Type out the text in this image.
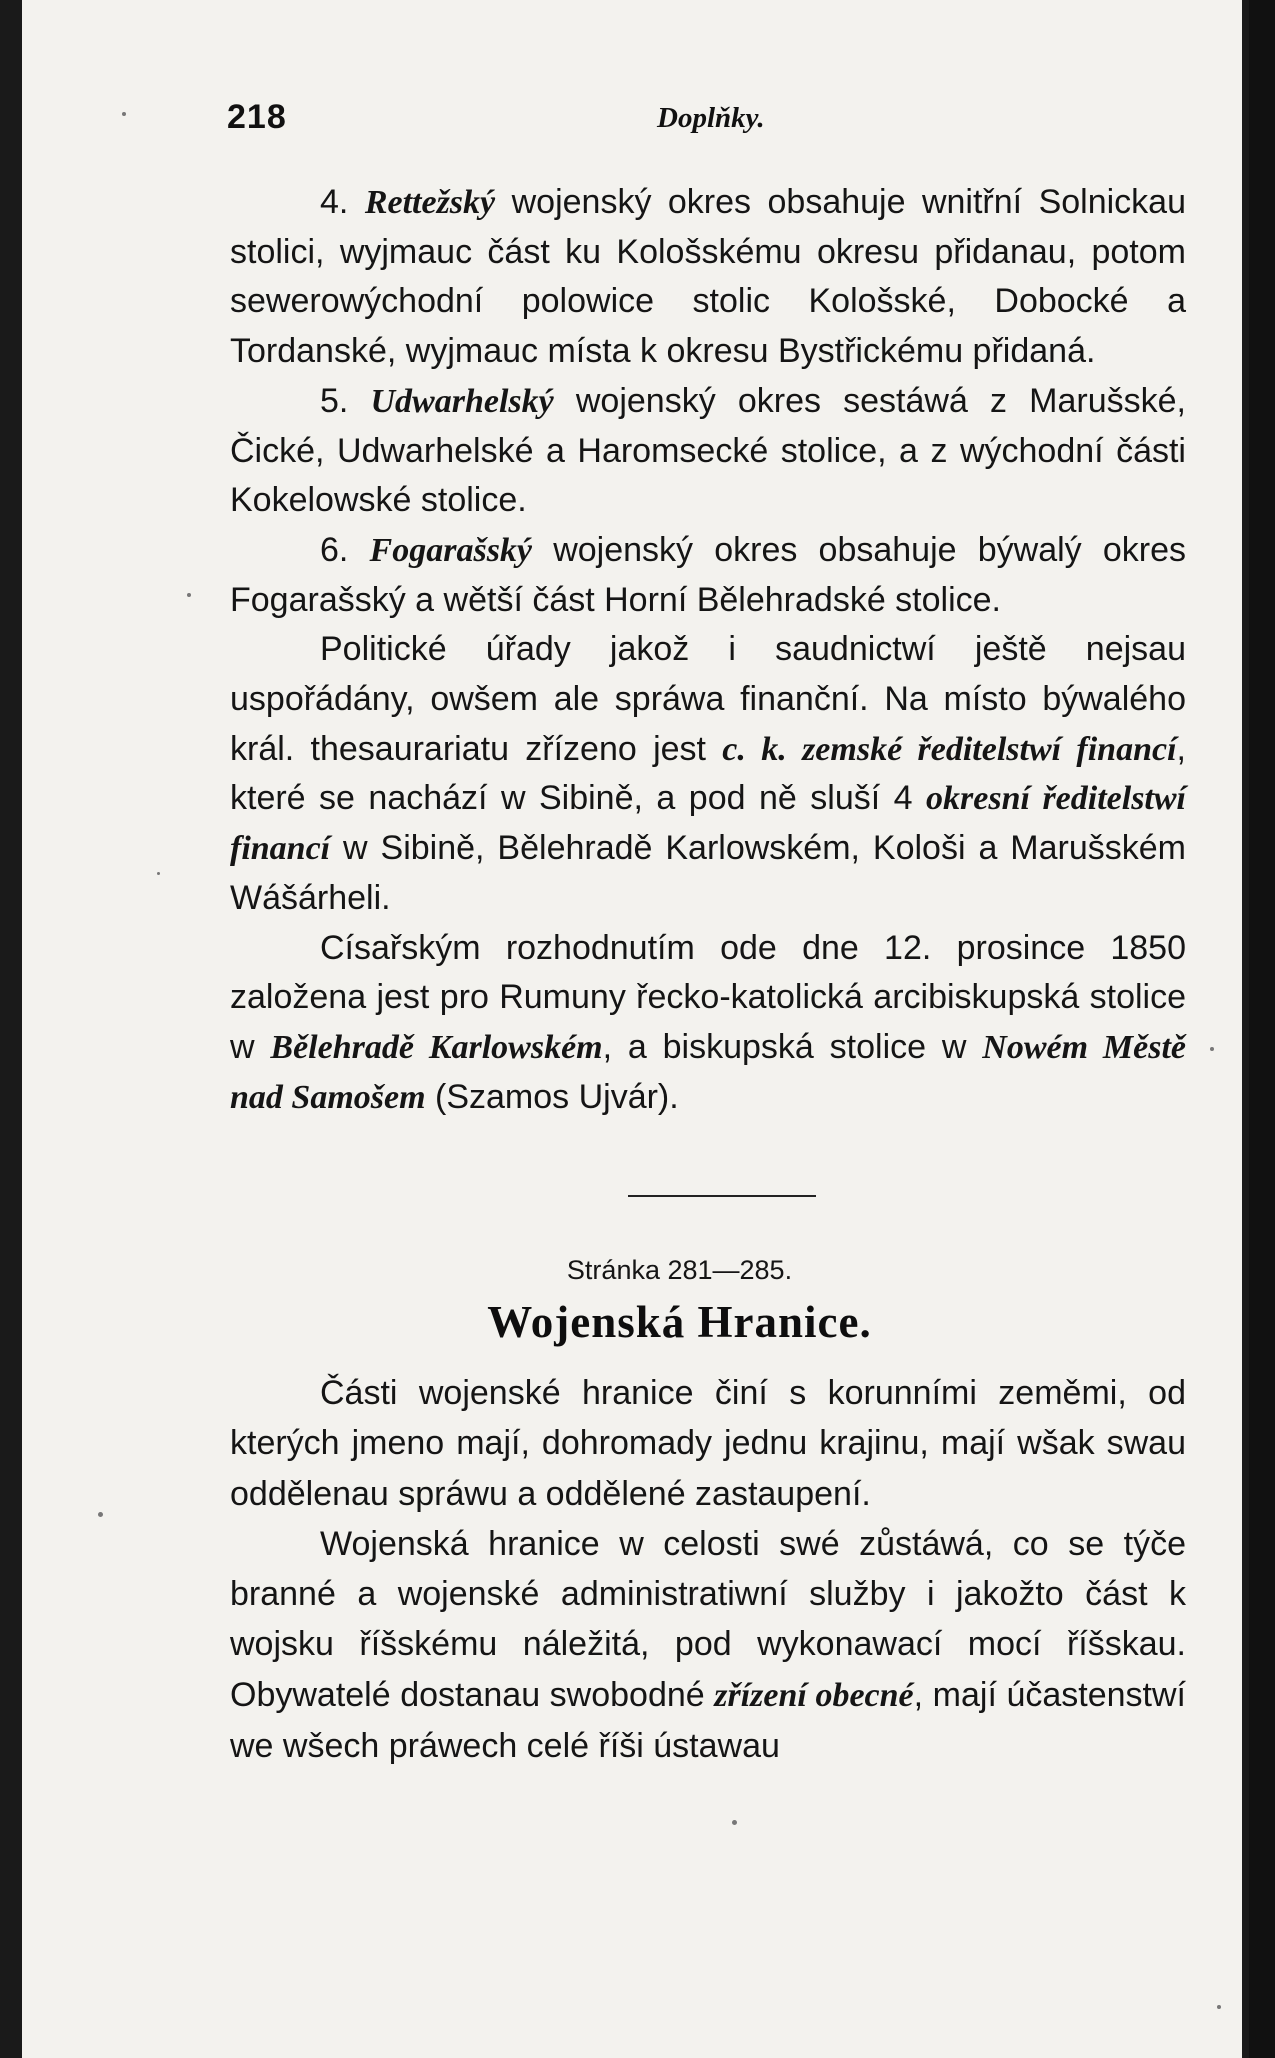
218	Doplňky.

4. Rettežský wojenský okres obsahuje wnitřní Solnickau stolici, wyjmauc část ku Kološskému okresu přidanau, potom sewerowýchodní polowice stolic Kološské, Dobocké a Tordanské, wyjmauc místa k okresu Bystřickému přidaná.

5. Udwarhelský wojenský okres sestáwá z Marušské, Čické, Udwarhelské a Haromsecké stolice, a z wýchodní části Kokelowské stolice.

6. Fogarašský wojenský okres obsahuje býwalý okres Fogarašský a wětší část Horní Bělehradské stolice.

Politické úřady jakož i saudnictwí ještě nejsau uspořádány, owšem ale spráwa finanční. Na místo býwalého král. thesaurariatu zřízeno jest c. k. zemské ředitelstwí financí, které se nachází w Sibině, a pod ně sluší 4 okresní ředitelstwí financí w Sibině, Bělehradě Karlowském, Kološi a Marušském Wášárheli.

Císařským rozhodnutím ode dne 12. prosince 1850 založena jest pro Rumuny řecko-katolická arcibiskupská stolice w Bělehradě Karlowském, a biskupská stolice w Nowém Městě nad Samošem (Szamos Ujvár).

Stránka 281—285.
Wojenská Hranice.

Části wojenské hranice činí s korunními zeměmi, od kterých jmeno mají, dohromady jednu krajinu, mají wšak swau oddělenau spráwu a oddělené zastaupení.

Wojenská hranice w celosti swé zůstáwá, co se týče branné a wojenské administratiwní služby i jakožto část k wojsku říšskému náležitá, pod wykonawací mocí říšskau. Obywatelé dostanau swobodné zřízení obecné, mají účastenstwí we wšech práwech celé říši ústawau
